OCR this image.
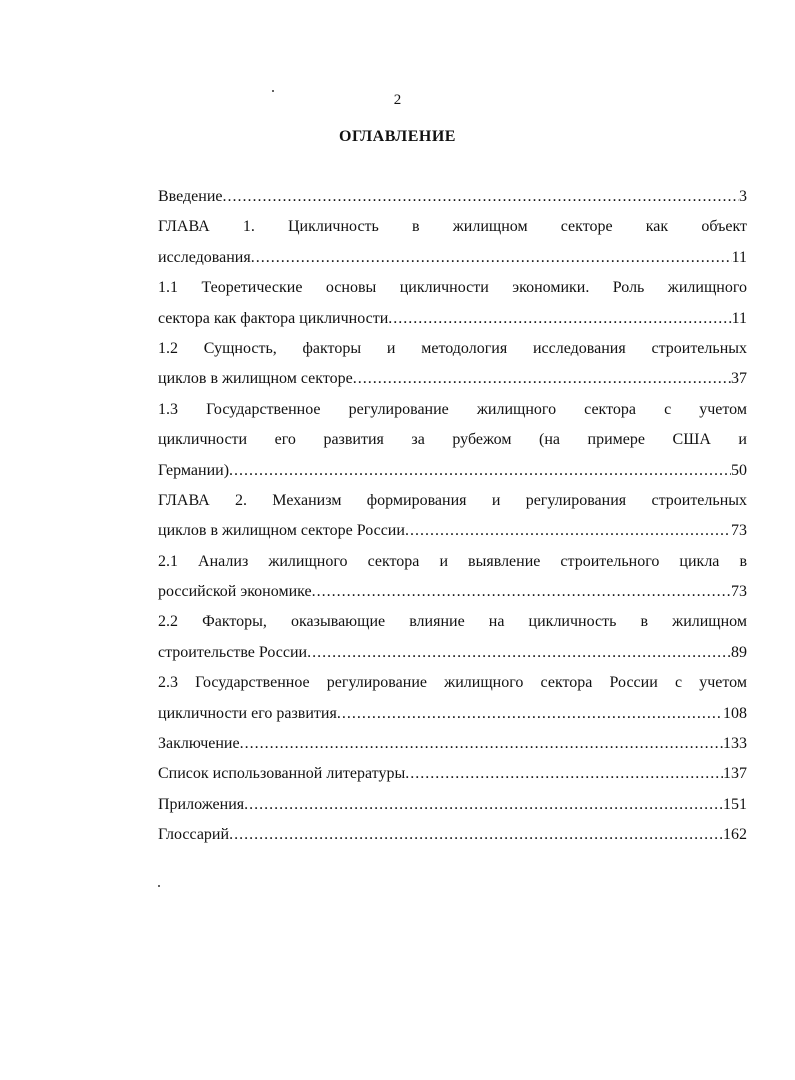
2
ОГЛАВЛЕНИЕ
Введение .....	3
ГЛАВА 1. Цикличность в жилищном секторе как объект
исследования .....	11
1.1 Теоретические основы цикличности экономики. Роль жилищного
сектора как фактора цикличности .....	11
1.2 Сущность, факторы и методология исследования строительных
циклов в жилищном секторе .....	37
1.3 Государственное регулирование жилищного сектора с учетом
цикличности его развития за рубежом (на примере США и
Германии) .....	50
ГЛАВА 2. Механизм формирования и регулирования строительных
циклов в жилищном секторе России .....	73
2.1 Анализ жилищного сектора и выявление строительного цикла в
российской экономике .....	73
2.2 Факторы, оказывающие влияние на цикличность в жилищном
строительстве России .....	89
2.3 Государственное регулирование жилищного сектора России с учетом
цикличности его развития .....	108
Заключение .....	133
Список использованной литературы .....	137
Приложения .....	151
Глоссарий .....	162
